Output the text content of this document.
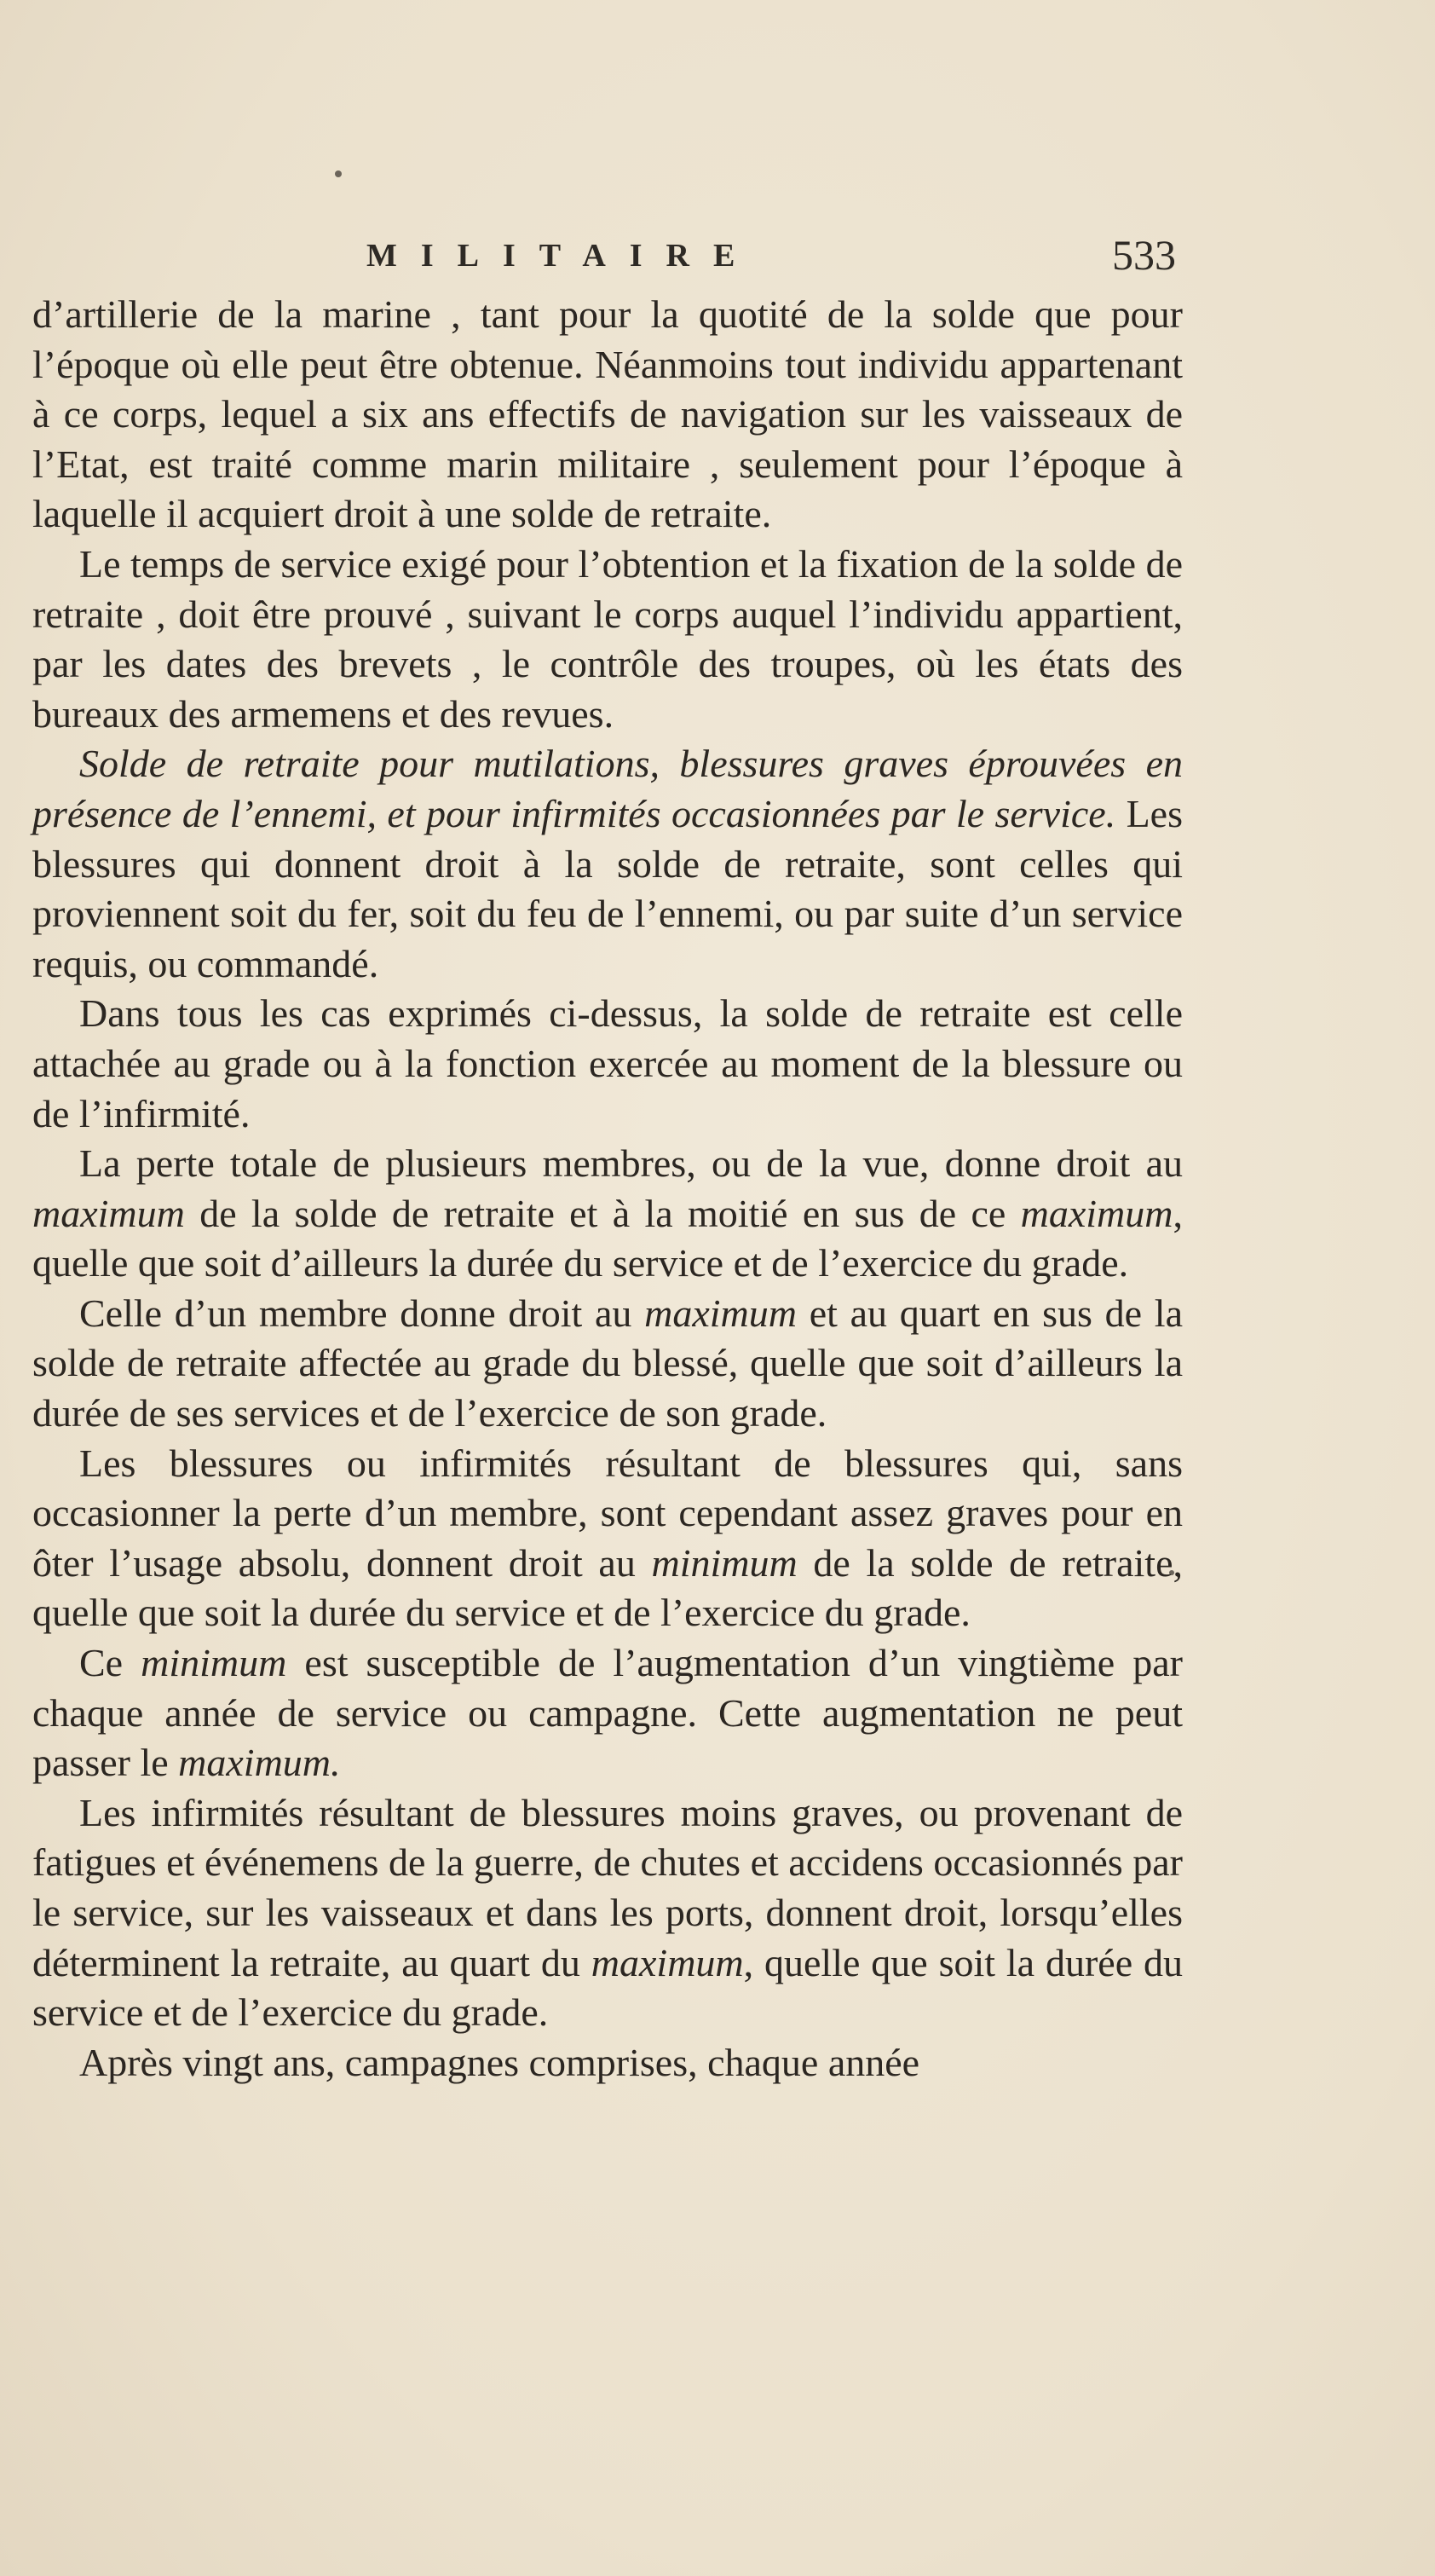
MILITAIRE	533

d’artillerie de la marine , tant pour la quotité de la solde que pour l’époque où elle peut être obtenue. Néanmoins tout individu appartenant à ce corps, lequel a six ans effectifs de navigation sur les vaisseaux de l’Etat, est traité comme marin militaire , seulement pour l’époque à laquelle il acquiert droit à une solde de retraite.

Le temps de service exigé pour l’obtention et la fixation de la solde de retraite , doit être prouvé , suivant le corps auquel l’individu appartient, par les dates des brevets , le contrôle des troupes, où les états des bureaux des armemens et des revues.

Solde de retraite pour mutilations, blessures graves éprouvées en présence de l’ennemi, et pour infirmités occasionnées par le service. Les blessures qui donnent droit à la solde de retraite, sont celles qui proviennent soit du fer, soit du feu de l’ennemi, ou par suite d’un service requis, ou commandé.

Dans tous les cas exprimés ci-dessus, la solde de retraite est celle attachée au grade ou à la fonction exercée au moment de la blessure ou de l’infirmité.

La perte totale de plusieurs membres, ou de la vue, donne droit au maximum de la solde de retraite et à la moitié en sus de ce maximum, quelle que soit d’ailleurs la durée du service et de l’exercice du grade.

Celle d’un membre donne droit au maximum et au quart en sus de la solde de retraite affectée au grade du blessé, quelle que soit d’ailleurs la durée de ses services et de l’exercice de son grade.

Les blessures ou infirmités résultant de blessures qui, sans occasionner la perte d’un membre, sont cependant assez graves pour en ôter l’usage absolu, donnent droit au minimum de la solde de retraite, quelle que soit la durée du service et de l’exercice du grade.

Ce minimum est susceptible de l’augmentation d’un vingtième par chaque année de service ou campagne. Cette augmentation ne peut passer le maximum.

Les infirmités résultant de blessures moins graves, ou provenant de fatigues et événemens de la guerre, de chutes et accidens occasionnés par le service, sur les vaisseaux et dans les ports, donnent droit, lorsqu’elles déterminent la retraite, au quart du maximum, quelle que soit la durée du service et de l’exercice du grade.

Après vingt ans, campagnes comprises, chaque année
